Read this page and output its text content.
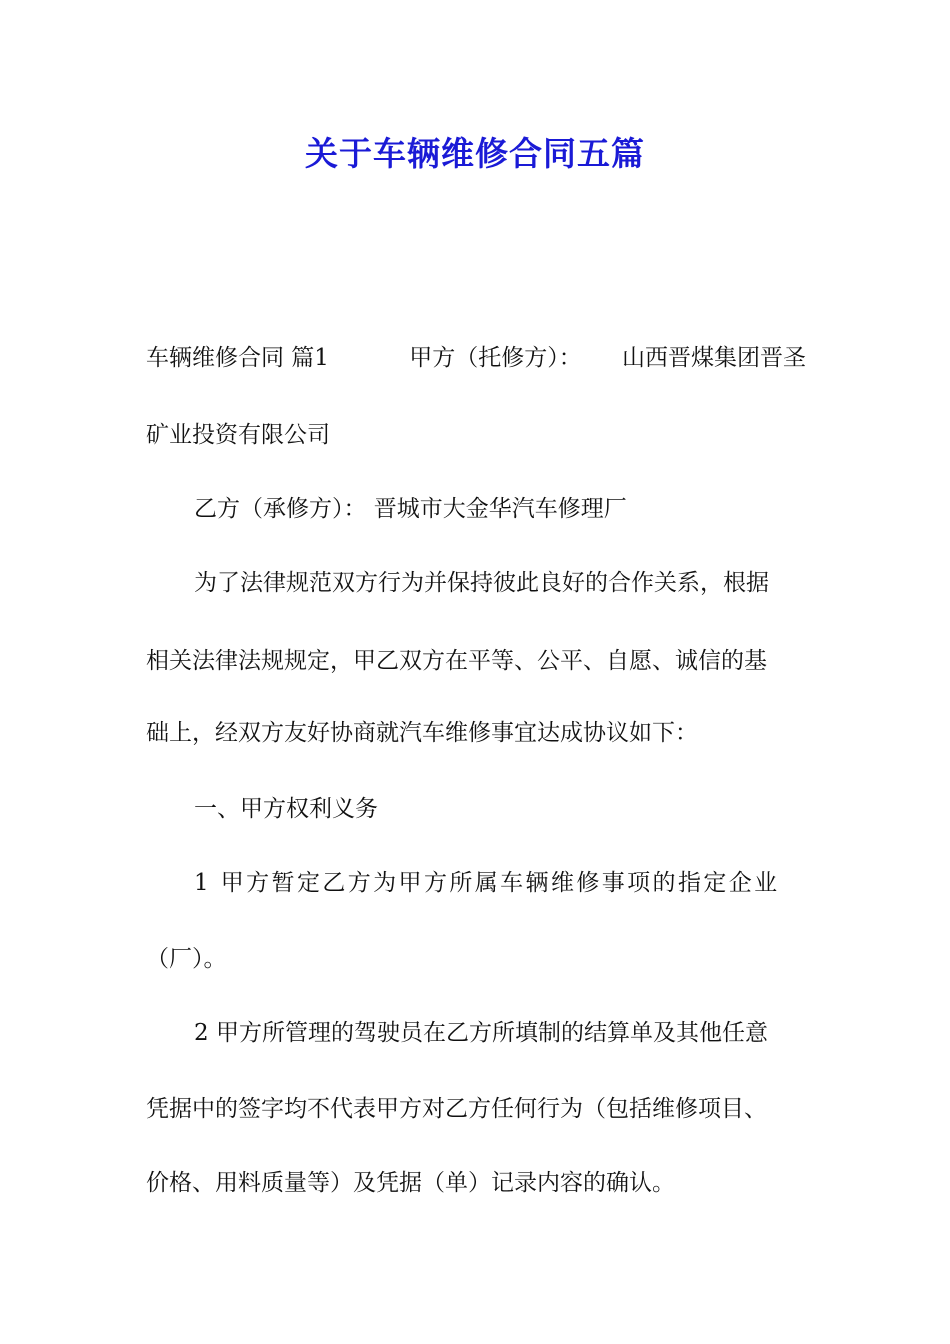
关于车辆维修合同五篇
车辆维修合同 篇1	甲方（托修方）： 山西晋煤集团晋圣
矿业投资有限公司
乙方（承修方）： 晋城市大金华汽车修理厂
为了法律规范双方行为并保持彼此良好的合作关系，根据
相关法律法规规定，甲乙双方在平等、公平、自愿、诚信的基
础上，经双方友好协商就汽车维修事宜达成协议如下：
一、甲方权利义务
1 甲方暂定乙方为甲方所属车辆维修事项的指定企业
（厂）。
2 甲方所管理的驾驶员在乙方所填制的结算单及其他任意
凭据中的签字均不代表甲方对乙方任何行为（包括维修项目、
价格、用料质量等）及凭据（单）记录内容的确认。
